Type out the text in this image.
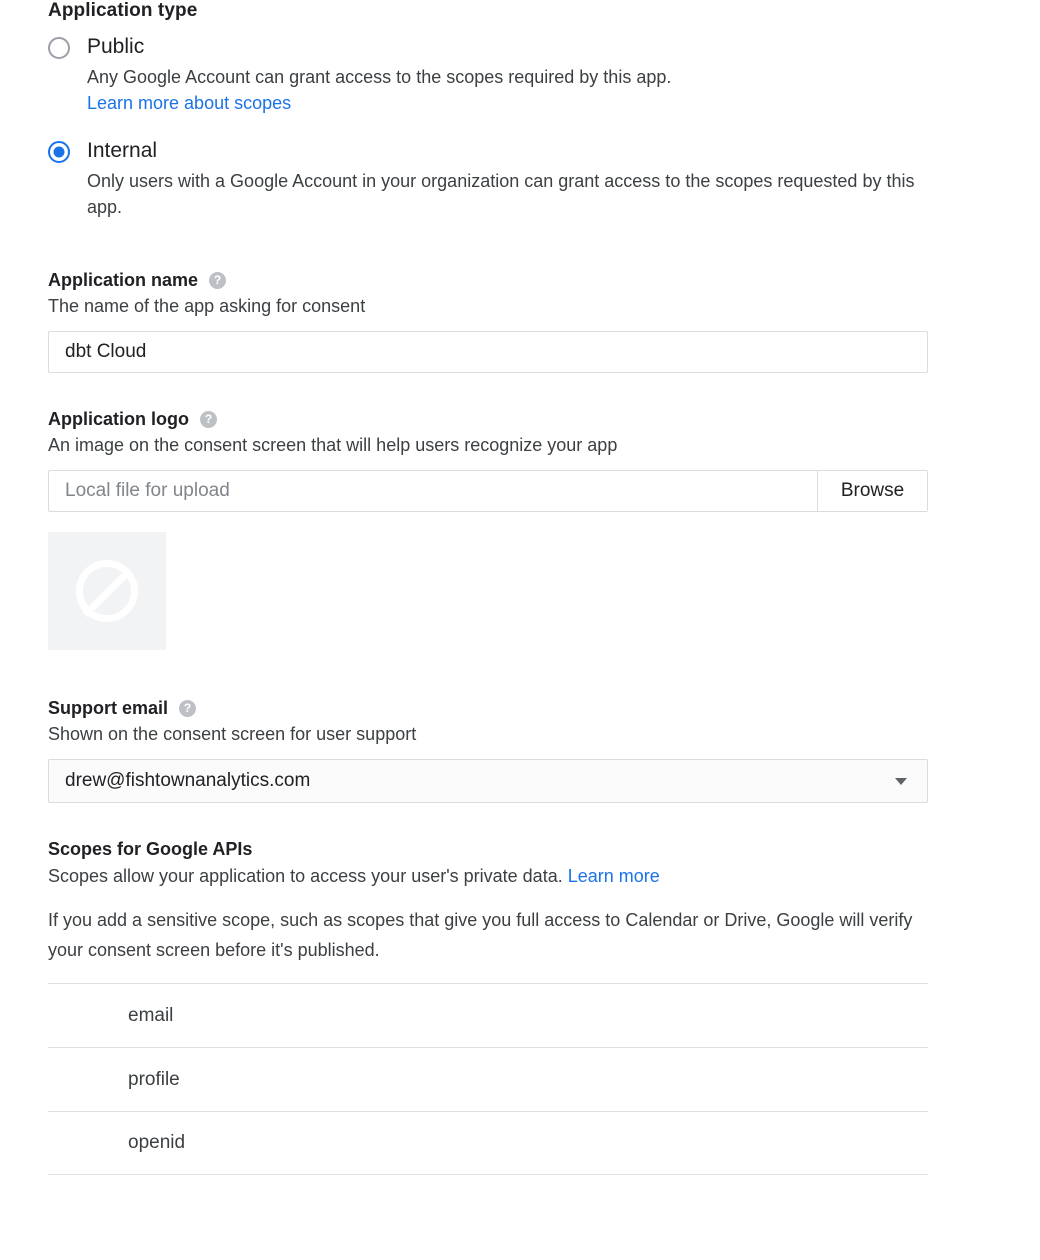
Application type
Public
Any Google Account can grant access to the scopes required by this app.
Learn more about scopes
Internal
Only users with a Google Account in your organization can grant access to the scopes requested by this app.
Application name	?
The name of the app asking for consent
dbt Cloud
Application logo	?
An image on the consent screen that will help users recognize your app
Local file for upload	Browse
Support email	?
Shown on the consent screen for user support
drew@fishtownanalytics.com
Scopes for Google APIs
Scopes allow your application to access your user's private data. Learn more
If you add a sensitive scope, such as scopes that give you full access to Calendar or Drive, Google will verify your consent screen before it's published.
email
profile
openid
